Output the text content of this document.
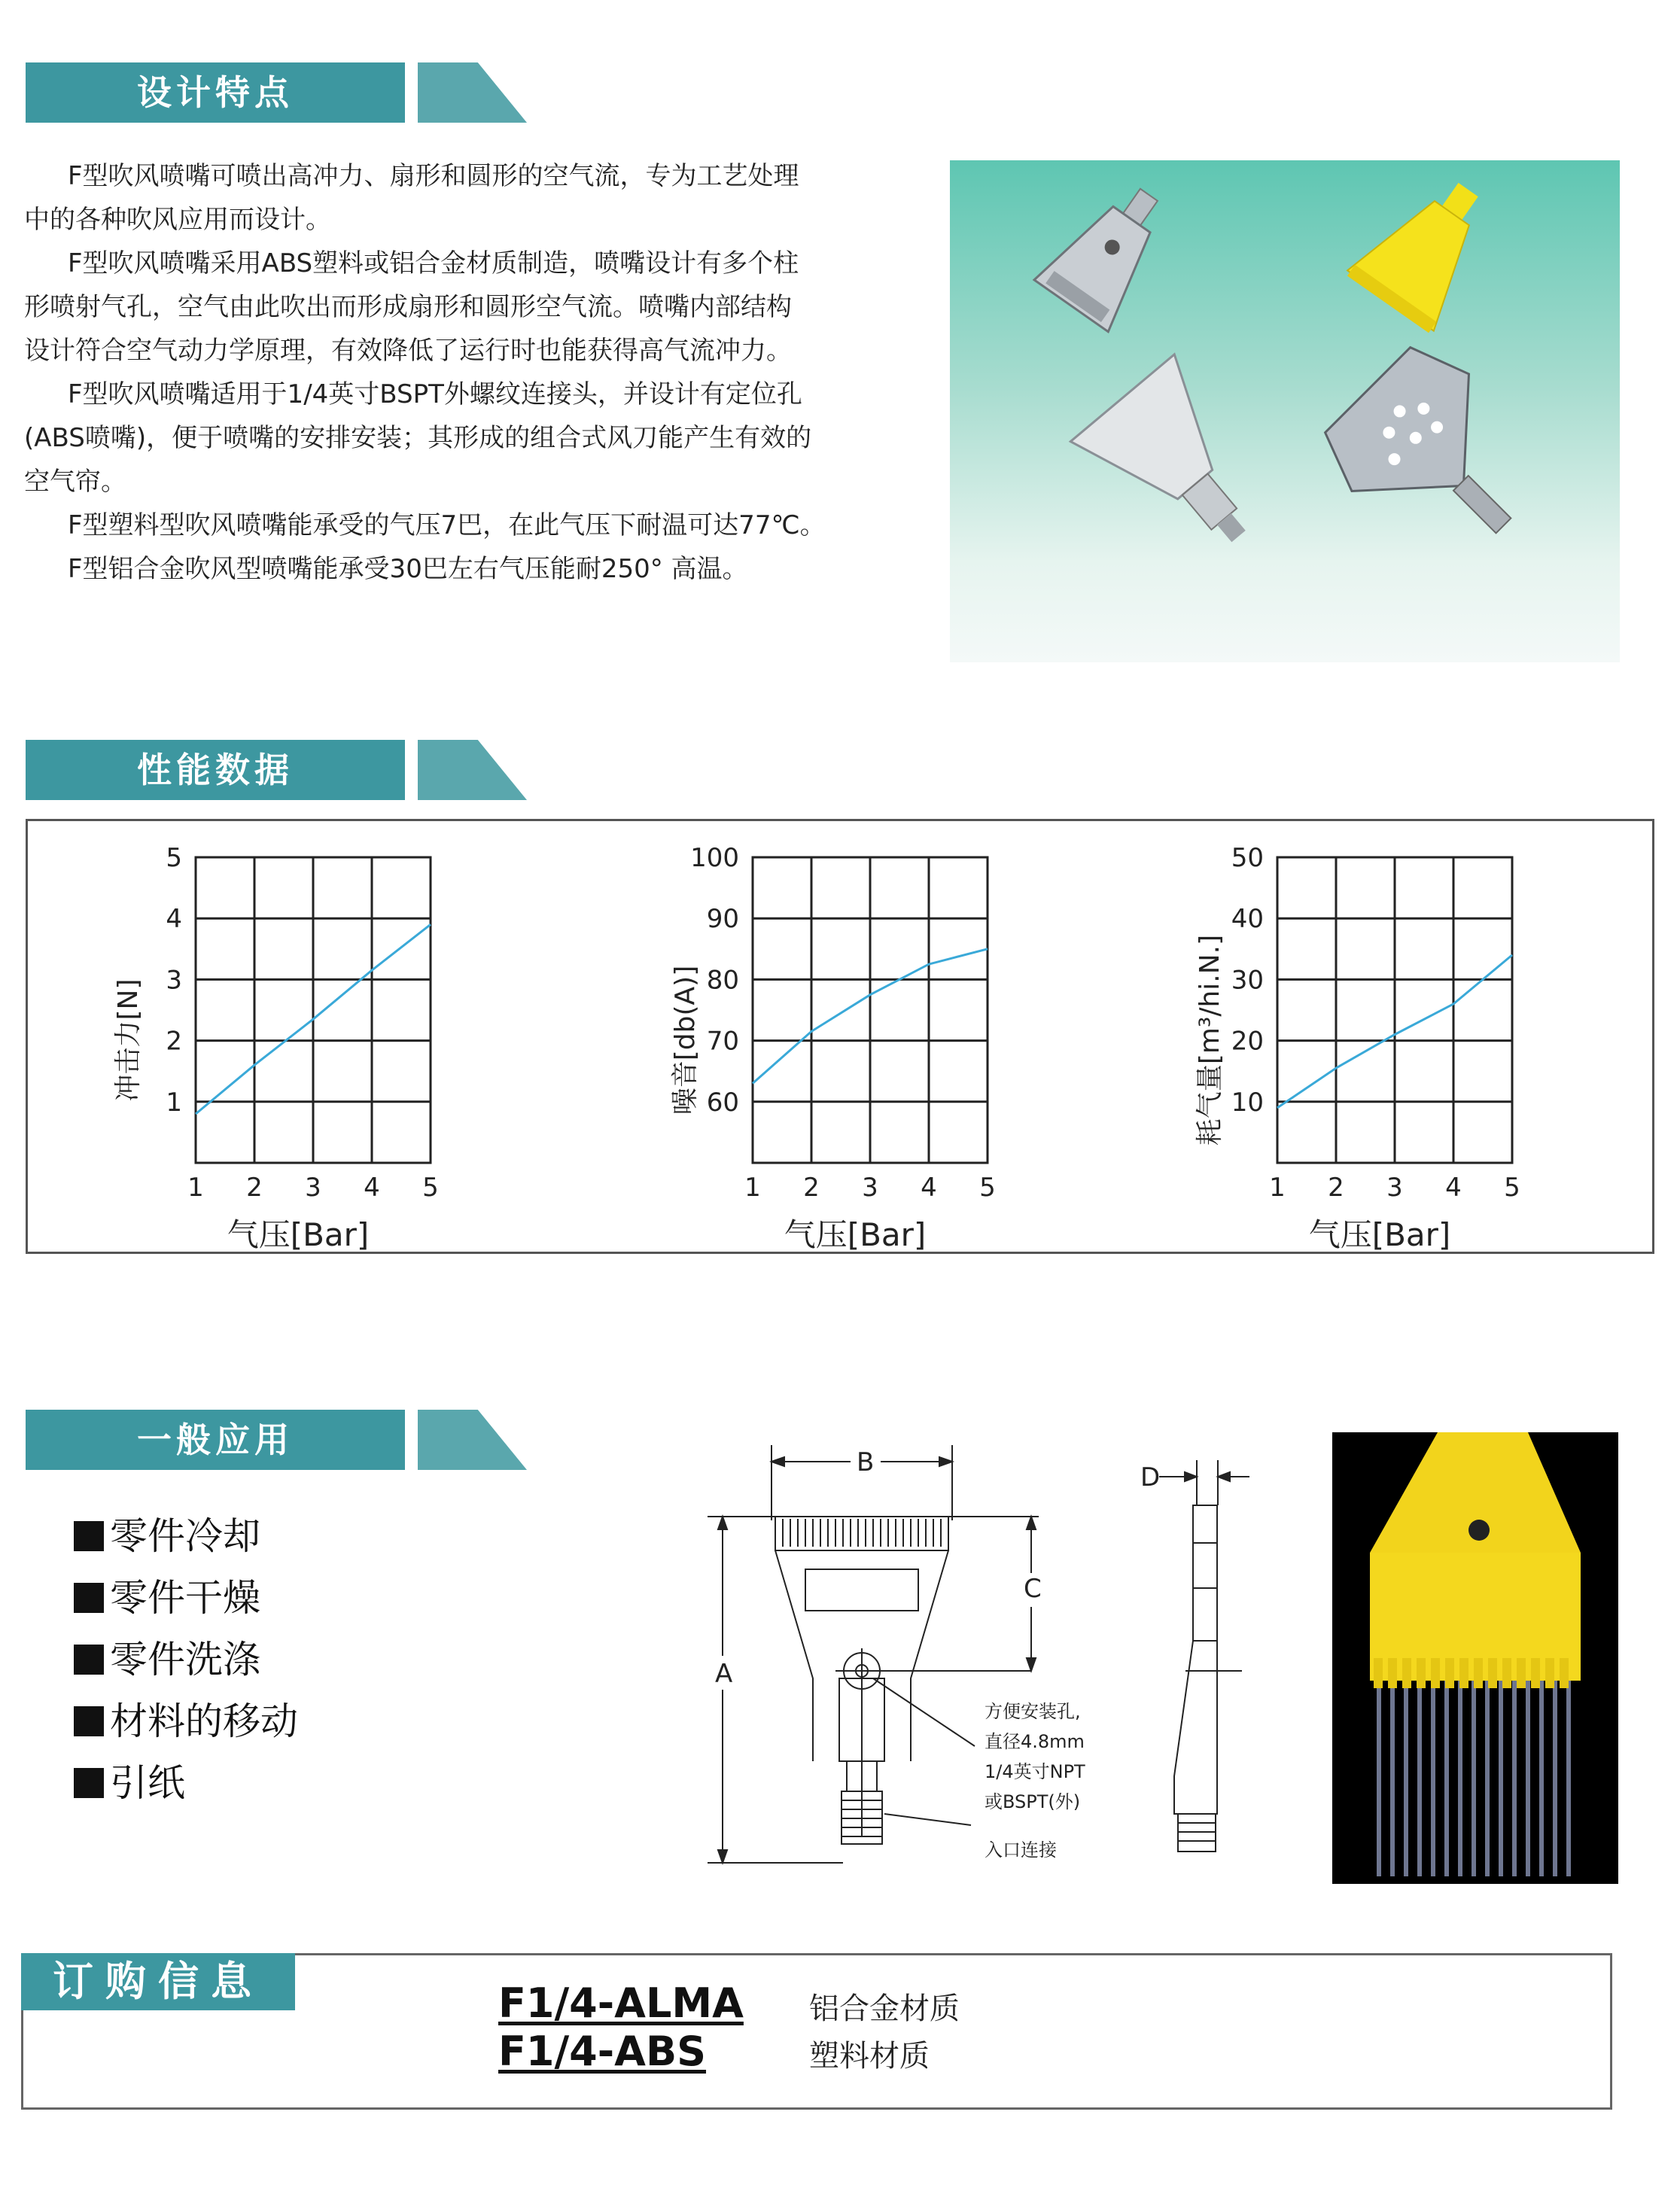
设计特点

F型吹风喷嘴可喷出高冲力、扇形和圆形的空气流，专为工艺处理

中的各种吹风应用而设计。

F型吹风喷嘴采用ABS塑料或铝合金材质制造，喷嘴设计有多个柱

形喷射气孔，空气由此吹出而形成扇形和圆形空气流。喷嘴内部结构

设计符合空气动力学原理，有效降低了运行时也能获得高气流冲力。

F型吹风喷嘴适用于1/4英寸BSPT外螺纹连接头，并设计有定位孔

(ABS喷嘴)，便于喷嘴的安排安装；其形成的组合式风刀能产生有效的

空气帘。

F型塑料型吹风喷嘴能承受的气压7巴，在此气压下耐温可达77℃。

F型铝合金吹风型喷嘴能承受30巴左右气压能耐250° 高温。

性能数据
1 2 3 4 5
1
2
3
4
5
气压[Bar]
冲击力[N]
1 2 3 4 5
60
70
80
90
100
气压[Bar]
噪音[db(A)]
1 2 3 4 5
10
20
30
40
50
气压[Bar]
耗气量[m³/hi.N.]
一般应用
零件冷却
零件干燥
零件洗涤
材料的移动
引纸
B
C
A
D
方便安装孔,
直径4.8mm
1/4英寸NPT
或BSPT(外)
入口连接
订购信息	F1/4-ALMA 铝合金材质
F1/4-ABS	塑料材质
